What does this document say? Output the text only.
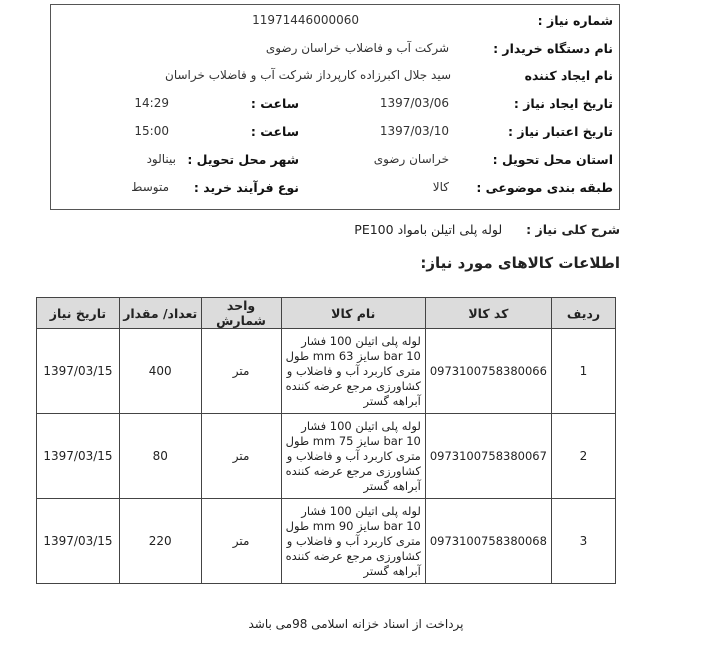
شماره نیاز :
11971446000060
نام دستگاه خریدار :
شرکت آب و فاضلاب خراسان رضوی
نام ایجاد کننده
سید جلال اکبرزاده کارپرداز شرکت آب و فاضلاب خراسان
تاریخ ایجاد نیاز :
1397/03/06
ساعت :
14:29
تاریخ اعتبار نیاز :
1397/03/10
ساعت :
15:00
استان محل تحویل :
خراسان رضوی
شهر محل تحویل :
بینالود
طبقه بندی موضوعی :
کالا
نوع فرآیند خرید :
متوسط
شرح کلی نیاز : لوله پلی اتیلن بامواد PE100
اطلاعات کالاهای مورد نیاز:
ردیف	کد کالا	نام کالا	واحد شمارش	تعداد/ مقدار	تاریخ نیاز
1	0973100758380066	لوله پلی اتیلن 100 فشار 10 bar سایز 63 mm طول متری کاربرد آب و فاضلاب و کشاورزی مرجع عرضه کننده آبراهه گستر	متر	400	1397/03/15
2	0973100758380067	لوله پلی اتیلن 100 فشار 10 bar سایز 75 mm طول متری کاربرد آب و فاضلاب و کشاورزی مرجع عرضه کننده آبراهه گستر	متر	80	1397/03/15
3	0973100758380068	لوله پلی اتیلن 100 فشار 10 bar سایز 90 mm طول متری کاربرد آب و فاضلاب و کشاورزی مرجع عرضه کننده آبراهه گستر	متر	220	1397/03/15
پرداخت از اسناد خزانه اسلامی 98می باشد
